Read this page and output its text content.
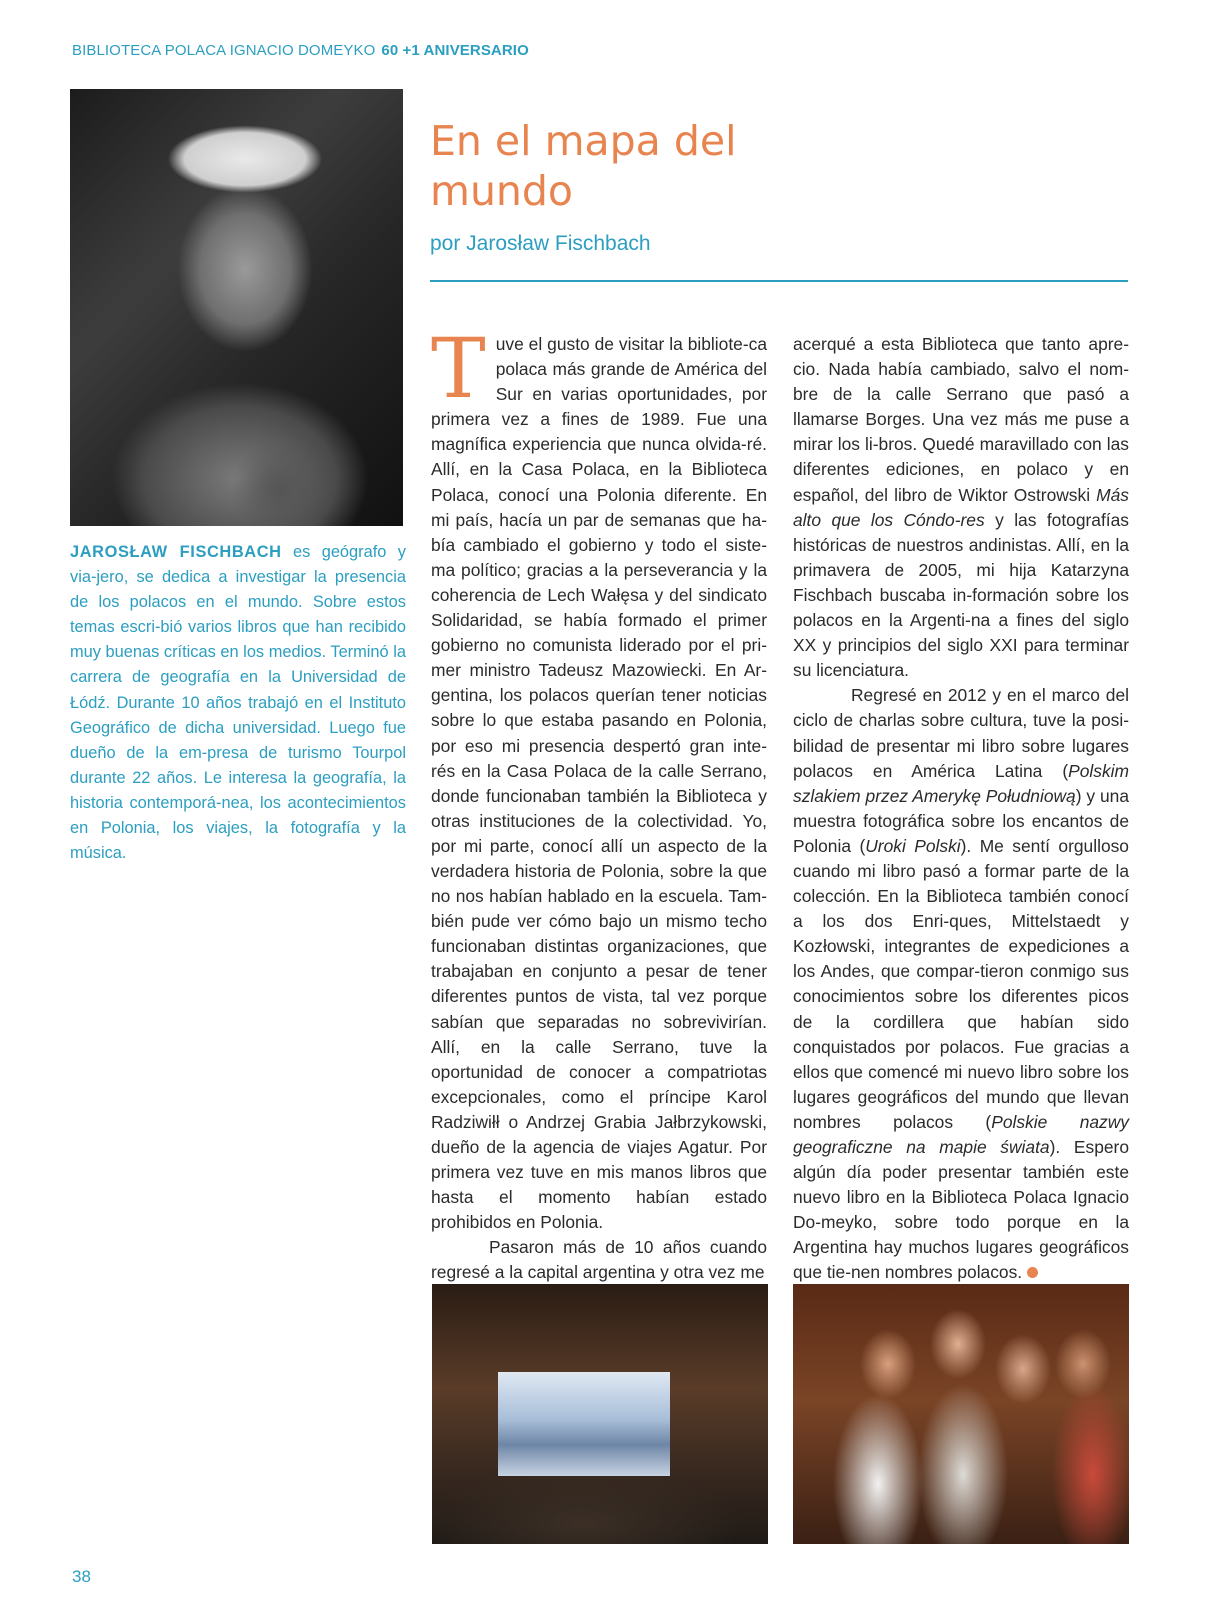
BIBLIOTECA POLACA IGNACIO DOMEYKO 60 +1 ANIVERSARIO
JAROSŁAW FISCHBACH es geógrafo y via-jero, se dedica a investigar la presencia de los polacos en el mundo. Sobre estos temas escri-bió varios libros que han recibido muy buenas críticas en los medios. Terminó la carrera de geografía en la Universidad de Łódź. Durante 10 años trabajó en el Instituto Geográfico de dicha universidad. Luego fue dueño de la em-presa de turismo Tourpol durante 22 años. Le interesa la geografía, la historia contemporá-nea, los acontecimientos en Polonia, los viajes, la fotografía y la música.
En el mapa del mundo
por Jarosław Fischbach

Tuve el gusto de visitar la bibliote-ca polaca más grande de América del Sur en varias oportunidades, por primera vez a fines de 1989. Fue una magnífica experiencia que nunca olvida-ré. Allí, en la Casa Polaca, en la Biblioteca Polaca, conocí una Polonia diferente. En mi país, hacía un par de semanas que ha-bía cambiado el gobierno y todo el siste-ma político; gracias a la perseverancia y la coherencia de Lech Wałęsa y del sindicato Solidaridad, se había formado el primer gobierno no comunista liderado por el pri-mer ministro Tadeusz Mazowiecki. En Ar-gentina, los polacos querían tener noticias sobre lo que estaba pasando en Polonia, por eso mi presencia despertó gran inte-rés en la Casa Polaca de la calle Serrano, donde funcionaban también la Biblioteca y otras instituciones de la colectividad. Yo, por mi parte, conocí allí un aspecto de la verdadera historia de Polonia, sobre la que no nos habían hablado en la escuela. Tam-bién pude ver cómo bajo un mismo techo funcionaban distintas organizaciones, que trabajaban en conjunto a pesar de tener diferentes puntos de vista, tal vez porque sabían que separadas no sobrevivirían. Allí, en la calle Serrano, tuve la oportunidad de conocer a compatriotas excepcionales, como el príncipe Karol Radziwiłł o Andrzej Grabia Jałbrzykowski, dueño de la agencia de viajes Agatur. Por primera vez tuve en mis manos libros que hasta el momento habían estado prohibidos en Polonia.

Pasaron más de 10 años cuando regresé a la capital argentina y otra vez me

acerqué a esta Biblioteca que tanto apre-cio. Nada había cambiado, salvo el nom-bre de la calle Serrano que pasó a llamarse Borges. Una vez más me puse a mirar los li-bros. Quedé maravillado con las diferentes ediciones, en polaco y en español, del libro de Wiktor Ostrowski Más alto que los Cóndo-res y las fotografías históricas de nuestros andinistas. Allí, en la primavera de 2005, mi hija Katarzyna Fischbach buscaba in-formación sobre los polacos en la Argenti-na a fines del siglo XX y principios del siglo XXI para terminar su licenciatura.

Regresé en 2012 y en el marco del ciclo de charlas sobre cultura, tuve la posi-bilidad de presentar mi libro sobre lugares polacos en América Latina (Polskim szlakiem przez Amerykę Południową) y una muestra fotográfica sobre los encantos de Polonia (Uroki Polski). Me sentí orgulloso cuando mi libro pasó a formar parte de la colección. En la Biblioteca también conocí a los dos Enri-ques, Mittelstaedt y Kozłowski, integrantes de expediciones a los Andes, que compar-tieron conmigo sus conocimientos sobre los diferentes picos de la cordillera que habían sido conquistados por polacos. Fue gracias a ellos que comencé mi nuevo libro sobre los lugares geográficos del mundo que llevan nombres polacos (Polskie nazwy geograficzne na mapie świata). Espero algún día poder presentar también este nuevo libro en la Biblioteca Polaca Ignacio Do-meyko, sobre todo porque en la Argentina hay muchos lugares geográficos que tie-nen nombres polacos.

38
